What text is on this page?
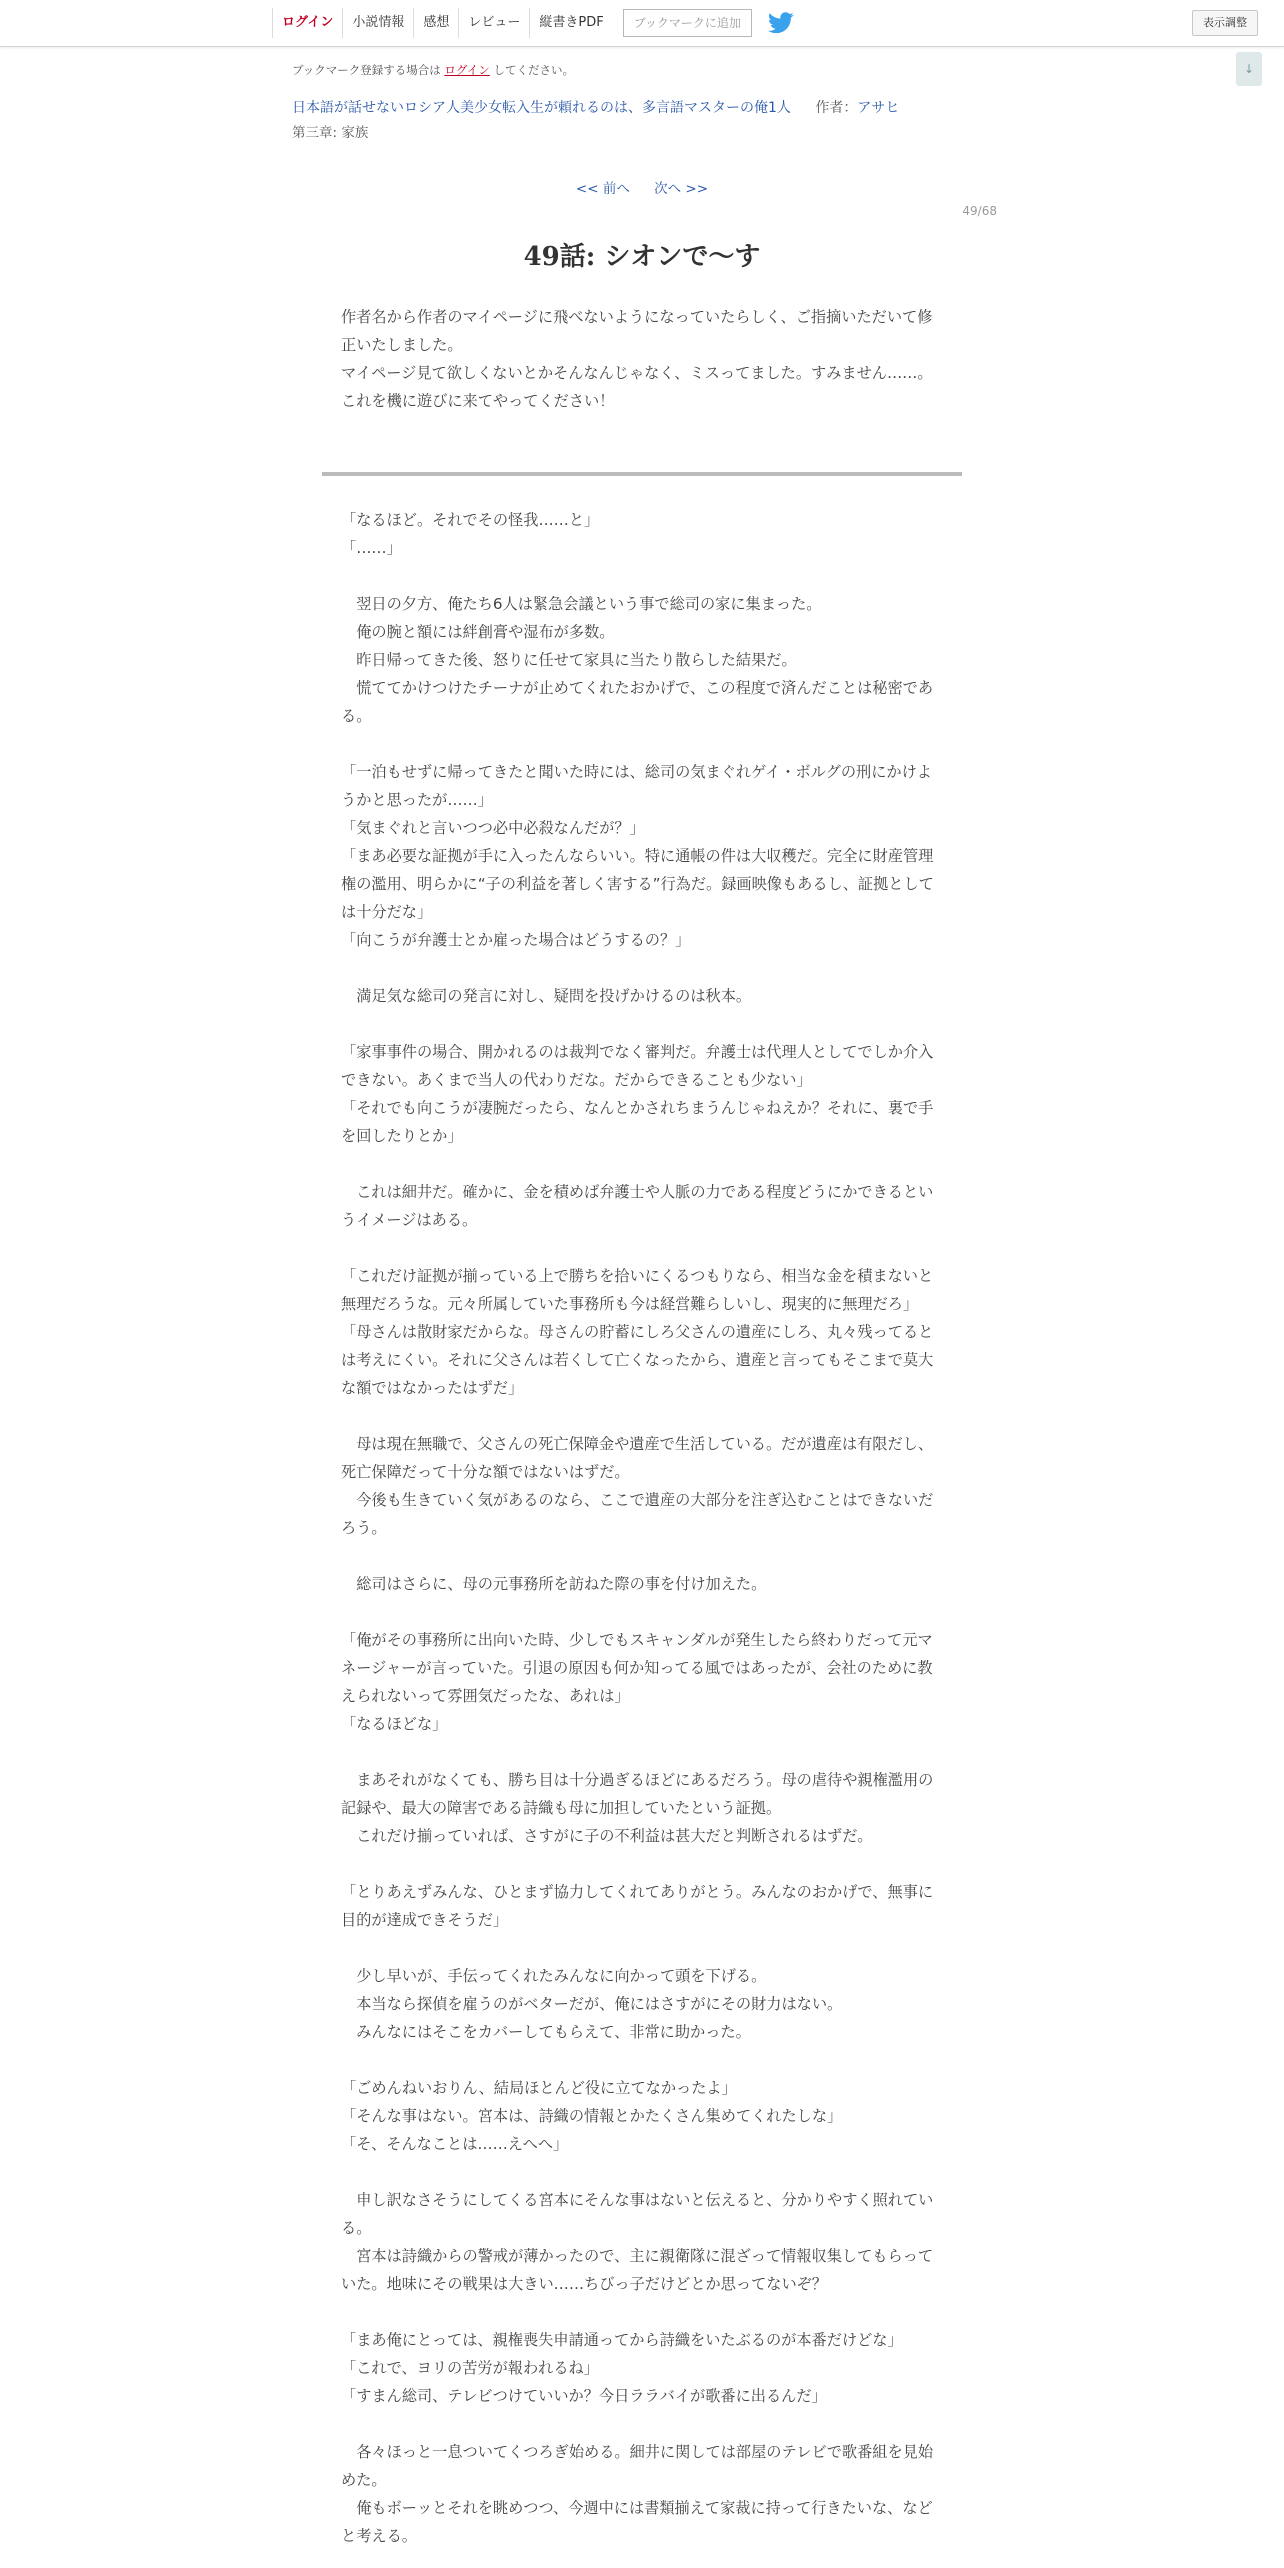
ログイン	小説情報	感想	レビュー	縦書きPDF	ブックマークに追加	表示調整
↓
ブックマーク登録する場合は ログイン してください。
日本語が話せないロシア人美少女転入生が頼れるのは、多言語マスターの俺1人 作者：アサヒ
第三章: 家族
<< 前へ 次へ >>
49/68
49話: シオンで〜す

作者名から作者のマイページに飛べないようになっていたらしく、ご指摘いただいて修正いたしました。

マイページ見て欲しくないとかそんなんじゃなく、ミスってました。すみません……。

これを機に遊びに来てやってください！

「なるほど。それでその怪我……と」

「……」

　翌日の夕方、俺たち6人は緊急会議という事で総司の家に集まった。

　俺の腕と額には絆創膏や湿布が多数。

　昨日帰ってきた後、怒りに任せて家具に当たり散らした結果だ。

　慌ててかけつけたチーナが止めてくれたおかげで、この程度で済んだことは秘密である。

「一泊もせずに帰ってきたと聞いた時には、総司の気まぐれゲイ・ボルグの刑にかけようかと思ったが……」

「気まぐれと言いつつ必中必殺なんだが？」

「まあ必要な証拠が手に入ったんならいい。特に通帳の件は大収穫だ。完全に財産管理権の濫用、明らかに“子の利益を著しく害する”行為だ。録画映像もあるし、証拠としては十分だな」

「向こうが弁護士とか雇った場合はどうするの？」

　満足気な総司の発言に対し、疑問を投げかけるのは秋本。

「家事事件の場合、開かれるのは裁判でなく審判だ。弁護士は代理人としてでしか介入できない。あくまで当人の代わりだな。だからできることも少ない」

「それでも向こうが凄腕だったら、なんとかされちまうんじゃねえか？それに、裏で手を回したりとか」

　これは細井だ。確かに、金を積めば弁護士や人脈の力である程度どうにかできるというイメージはある。

「これだけ証拠が揃っている上で勝ちを拾いにくるつもりなら、相当な金を積まないと無理だろうな。元々所属していた事務所も今は経営難らしいし、現実的に無理だろ」

「母さんは散財家だからな。母さんの貯蓄にしろ父さんの遺産にしろ、丸々残ってるとは考えにくい。それに父さんは若くして亡くなったから、遺産と言ってもそこまで莫大な額ではなかったはずだ」

　母は現在無職で、父さんの死亡保障金や遺産で生活している。だが遺産は有限だし、死亡保障だって十分な額ではないはずだ。

　今後も生きていく気があるのなら、ここで遺産の大部分を注ぎ込むことはできないだろう。

　総司はさらに、母の元事務所を訪ねた際の事を付け加えた。

「俺がその事務所に出向いた時、少しでもスキャンダルが発生したら終わりだって元マネージャーが言っていた。引退の原因も何か知ってる風ではあったが、会社のために教えられないって雰囲気だったな、あれは」

「なるほどな」

　まあそれがなくても、勝ち目は十分過ぎるほどにあるだろう。母の虐待や親権濫用の記録や、最大の障害である詩織も母に加担していたという証拠。

　これだけ揃っていれば、さすがに子の不利益は甚大だと判断されるはずだ。

「とりあえずみんな、ひとまず協力してくれてありがとう。みんなのおかげで、無事に目的が達成できそうだ」

　少し早いが、手伝ってくれたみんなに向かって頭を下げる。

　本当なら探偵を雇うのがベターだが、俺にはさすがにその財力はない。

　みんなにはそこをカバーしてもらえて、非常に助かった。

「ごめんねいおりん、結局ほとんど役に立てなかったよ」

「そんな事はない。宮本は、詩織の情報とかたくさん集めてくれたしな」

「そ、そんなことは……えへへ」

　申し訳なさそうにしてくる宮本にそんな事はないと伝えると、分かりやすく照れている。

　宮本は詩織からの警戒が薄かったので、主に親衛隊に混ざって情報収集してもらっていた。地味にその戦果は大きい……ちびっ子だけどとか思ってないぞ？

「まあ俺にとっては、親権喪失申請通ってから詩織をいたぶるのが本番だけどな」

「これで、ヨリの苦労が報われるね」

「すまん総司、テレビつけていいか？今日ララバイが歌番に出るんだ」

　各々ほっと一息ついてくつろぎ始める。細井に関しては部屋のテレビで歌番組を見始めた。

　俺もボーッとそれを眺めつつ、今週中には書類揃えて家裁に持って行きたいな、などと考える。
